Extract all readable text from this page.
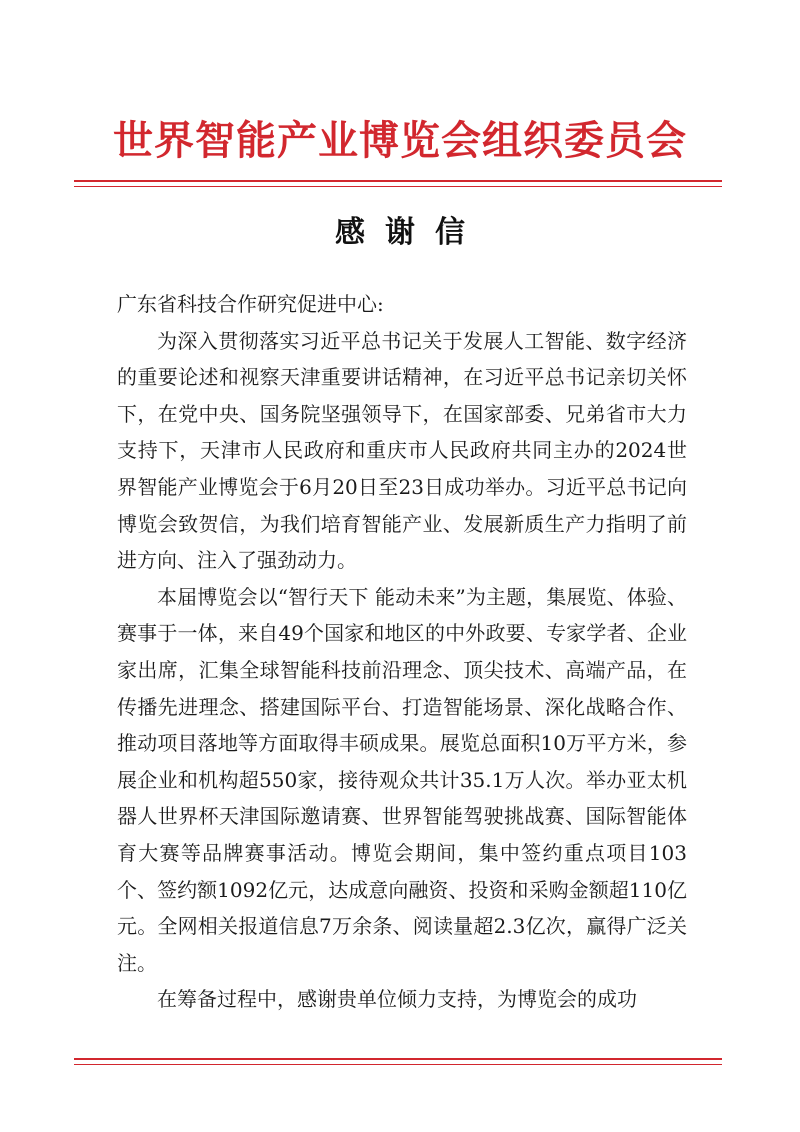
世界智能产业博览会组织委员会
感谢信

广东省科技合作研究促进中心:

为深入贯彻落实习近平总书记关于发展人工智能、数字经济的重要论述和视察天津重要讲话精神，在习近平总书记亲切关怀下，在党中央、国务院坚强领导下，在国家部委、兄弟省市大力支持下，天津市人民政府和重庆市人民政府共同主办的2024世界智能产业博览会于6月20日至23日成功举办。习近平总书记向博览会致贺信，为我们培育智能产业、发展新质生产力指明了前进方向、注入了强劲动力。

本届博览会以“智行天下 能动未来”为主题，集展览、体验、赛事于一体，来自49个国家和地区的中外政要、专家学者、企业家出席，汇集全球智能科技前沿理念、顶尖技术、高端产品，在传播先进理念、搭建国际平台、打造智能场景、深化战略合作、推动项目落地等方面取得丰硕成果。展览总面积10万平方米，参展企业和机构超550家，接待观众共计35.1万人次。举办亚太机器人世界杯天津国际邀请赛、世界智能驾驶挑战赛、国际智能体育大赛等品牌赛事活动。博览会期间，集中签约重点项目103个、签约额1092亿元，达成意向融资、投资和采购金额超110亿元。全网相关报道信息7万余条、阅读量超2.3亿次，赢得广泛关注。

在筹备过程中，感谢贵单位倾力支持，为博览会的成功
